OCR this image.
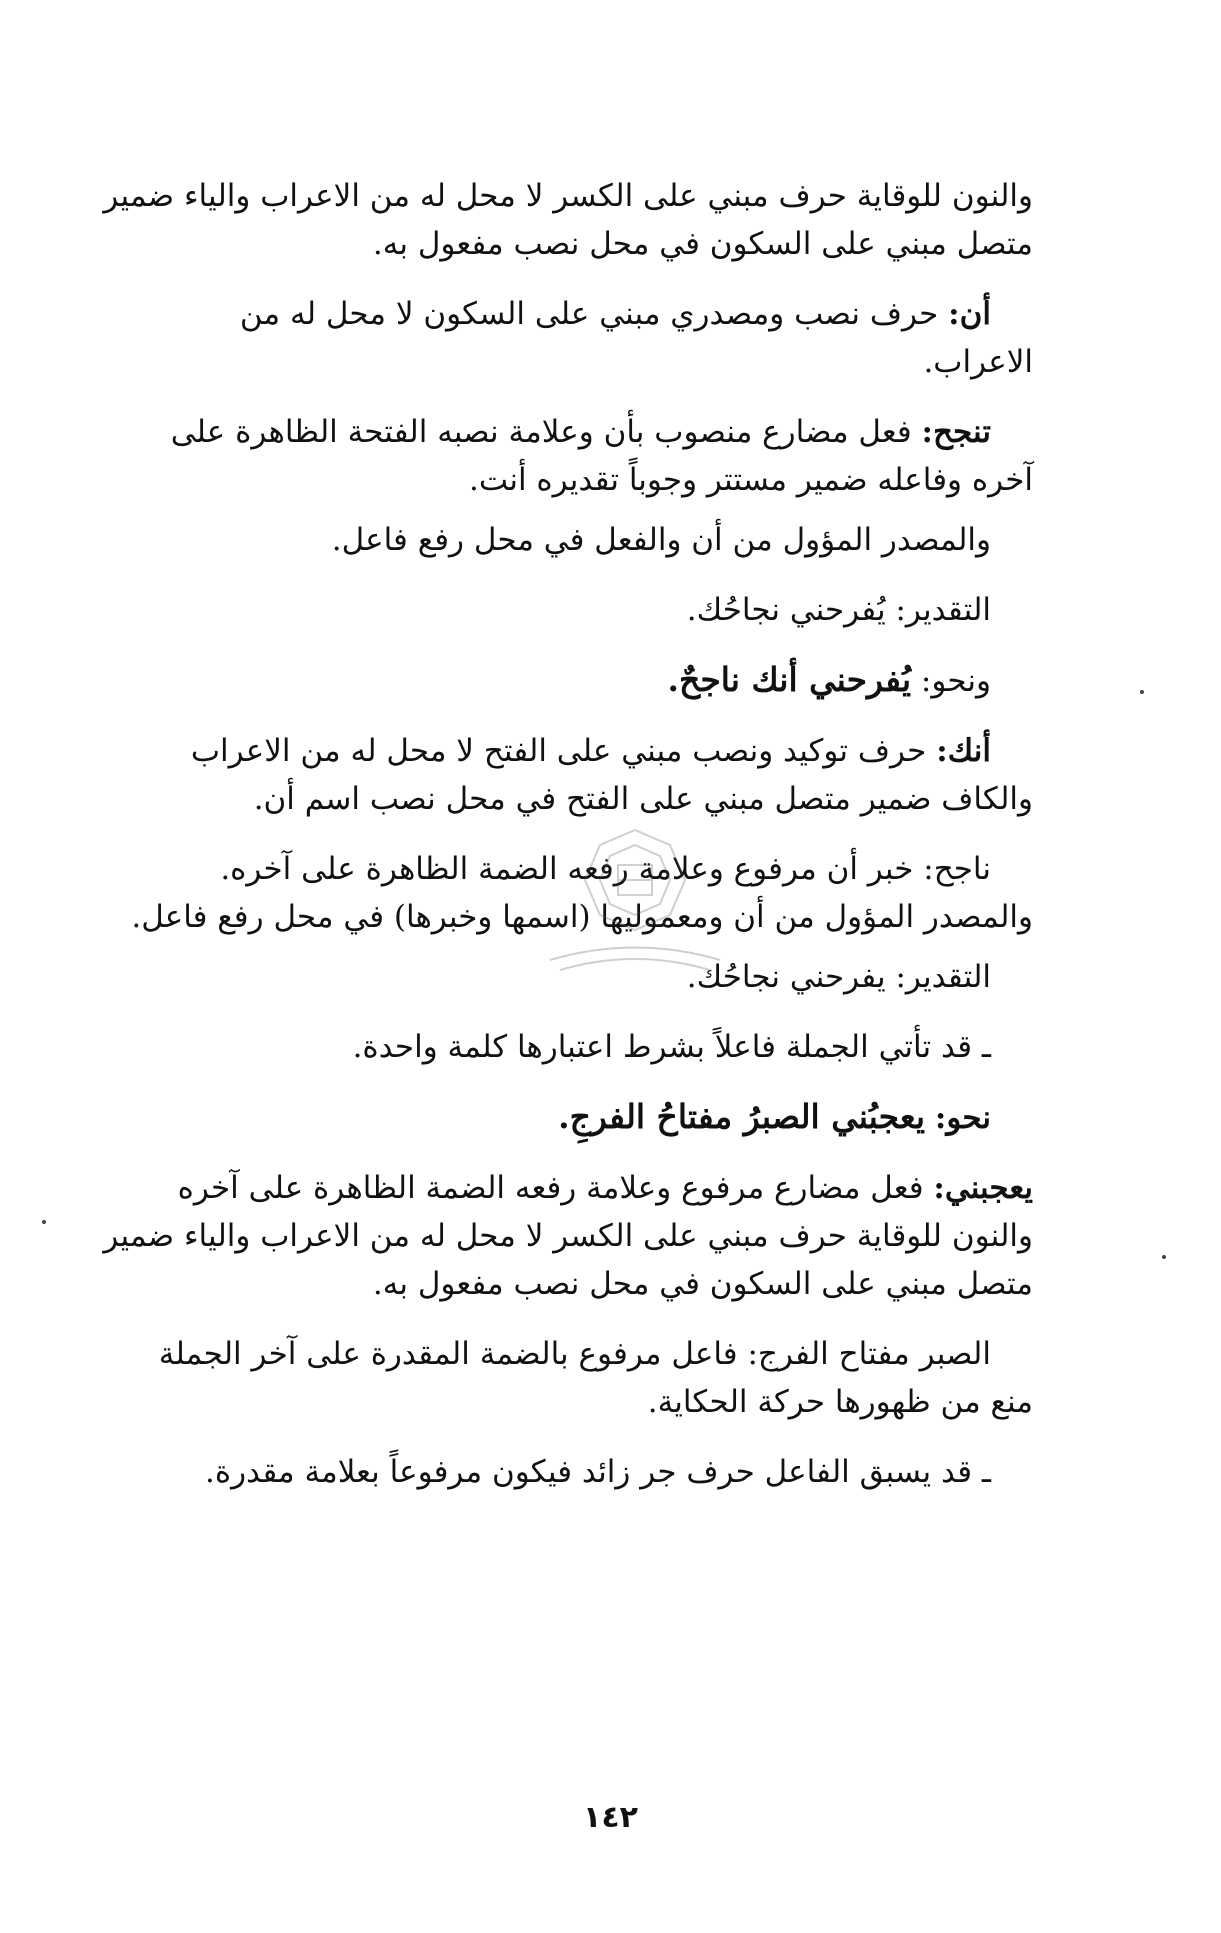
والنون للوقاية حرف مبني على الكسر لا محل له من الاعراب والياء ضمير
متصل مبني على السكون في محل نصب مفعول به.

أن: حرف نصب ومصدري مبني على السكون لا محل له من
الاعراب.

تنجح: فعل مضارع منصوب بأن وعلامة نصبه الفتحة الظاهرة على
آخره وفاعله ضمير مستتر وجوباً تقديره أنت.

والمصدر المؤول من أن والفعل في محل رفع فاعل.

التقدير: يُفرحني نجاحُك.

ونحو: يُفرحني أنك ناجحٌ.

أنك: حرف توكيد ونصب مبني على الفتح لا محل له من الاعراب
والكاف ضمير متصل مبني على الفتح في محل نصب اسم أن.

ناجح: خبر أن مرفوع وعلامة رفعه الضمة الظاهرة على آخره.
والمصدر المؤول من أن ومعموليها (اسمها وخبرها) في محل رفع فاعل.

التقدير: يفرحني نجاحُك.

ـ قد تأتي الجملة فاعلاً بشرط اعتبارها كلمة واحدة.

نحو: يعجبُني الصبرُ مفتاحُ الفرجِ.

يعجبني: فعل مضارع مرفوع وعلامة رفعه الضمة الظاهرة على آخره
والنون للوقاية حرف مبني على الكسر لا محل له من الاعراب والياء ضمير
متصل مبني على السكون في محل نصب مفعول به.

الصبر مفتاح الفرج: فاعل مرفوع بالضمة المقدرة على آخر الجملة
منع من ظهورها حركة الحكاية.

ـ قد يسبق الفاعل حرف جر زائد فيكون مرفوعاً بعلامة مقدرة.

١٤٢
